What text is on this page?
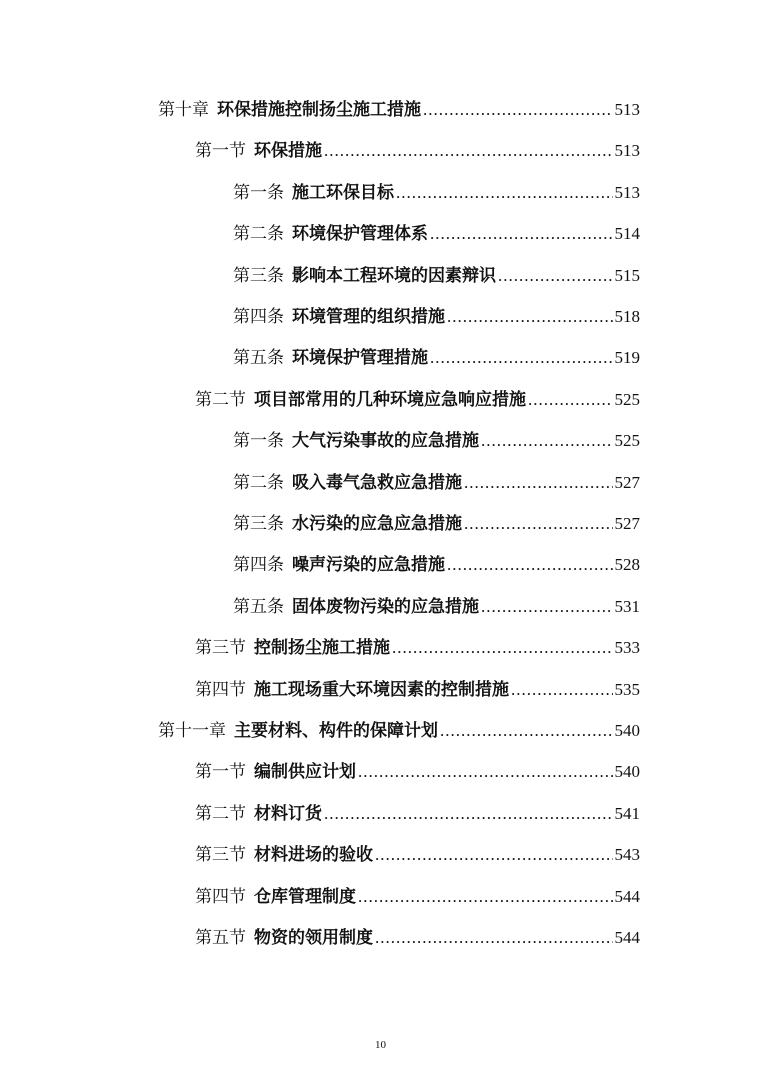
第十章 环保措施控制扬尘施工措施 .....	513
第一节 环保措施 .....	513
第一条 施工环保目标 .....	513
第二条 环境保护管理体系 .....	514
第三条 影响本工程环境的因素辩识 .....	515
第四条 环境管理的组织措施 .....	518
第五条 环境保护管理措施 .....	519
第二节 项目部常用的几种环境应急响应措施 .....	525
第一条 大气污染事故的应急措施 .....	525
第二条 吸入毒气急救应急措施 .....	527
第三条 水污染的应急应急措施 .....	527
第四条 噪声污染的应急措施 .....	528
第五条 固体废物污染的应急措施 .....	531
第三节 控制扬尘施工措施 .....	533
第四节 施工现场重大环境因素的控制措施 .....	535
第十一章 主要材料、构件的保障计划 .....	540
第一节 编制供应计划 .....	540
第二节 材料订货 .....	541
第三节 材料进场的验收 .....	543
第四节 仓库管理制度 .....	544
第五节 物资的领用制度 .....	544
10
